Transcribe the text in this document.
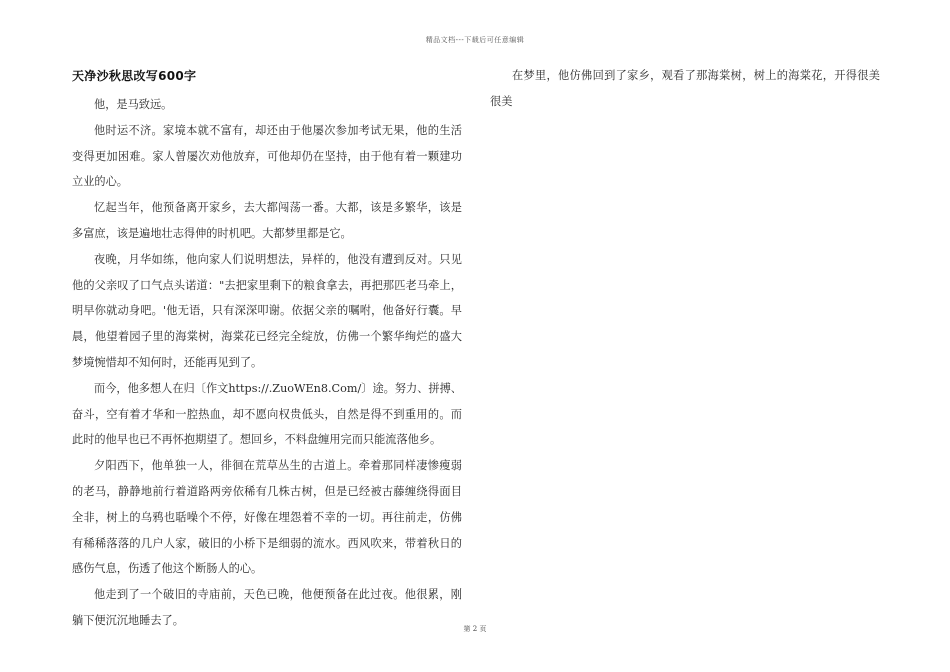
精品文档---下载后可任意编辑
天净沙秋思改写600字

他，是马致远。

他时运不济。家境本就不富有，却还由于他屡次参加考试无果，他的生活变得更加困难。家人曾屡次劝他放弃，可他却仍在坚持，由于他有着一颗建功立业的心。

忆起当年，他预备离开家乡，去大都闯荡一番。大都，该是多繁华，该是多富庶，该是遍地壮志得伸的时机吧。大都梦里都是它。

夜晚，月华如练，他向家人们说明想法，异样的，他没有遭到反对。只见他的父亲叹了口气点头诺道："去把家里剩下的粮食拿去，再把那匹老马牵上，明早你就动身吧。'他无语，只有深深叩谢。依据父亲的嘱咐，他备好行囊。早晨，他望着园子里的海棠树，海棠花已经完全绽放，仿佛一个繁华绚烂的盛大梦境惋惜却不知何时，还能再见到了。

而今，他多想人在归〔作文https://.ZuoWEn8.Com/〕途。努力、拼搏、奋斗，空有着才华和一腔热血，却不愿向权贵低头，自然是得不到重用的。而此时的他早也已不再怀抱期望了。想回乡，不料盘缠用完而只能流落他乡。

夕阳西下，他单独一人，徘徊在荒草丛生的古道上。牵着那同样凄惨瘦弱的老马，静静地前行着道路两旁依稀有几株古树，但是已经被古藤缠绕得面目全非，树上的乌鸦也聒噪个不停，好像在埋怨着不幸的一切。再往前走，仿佛有稀稀落落的几户人家，破旧的小桥下是细弱的流水。西风吹来，带着秋日的感伤气息，伤透了他这个断肠人的心。

他走到了一个破旧的寺庙前，天色已晚，他便预备在此过夜。他很累，刚躺下便沉沉地睡去了。

在梦里，他仿佛回到了家乡，观看了那海棠树，树上的海棠花，开得很美很美

第 2 页
